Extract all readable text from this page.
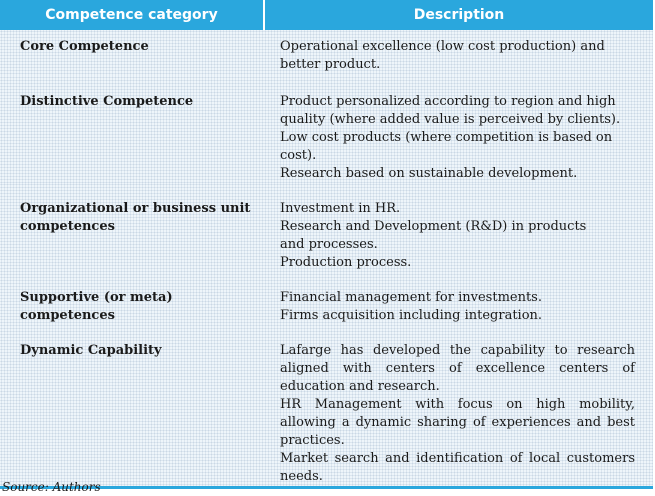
Competence category	Description
Core Competence	Operational excellence (low cost production) and better product.

Distinctive Competence	Product personalized according to region and high quality (where added value is perceived by clients).
Low cost products (where competition is based on cost).
Research based on sustainable development.

Organizational or business unit competences	Investment in HR.
Research and Development (R&D) in products
and processes.
Production process.

Supportive (or meta) competences	Financial management for investments.
Firms acquisition including integration.

Dynamic Capability	Lafarge has developed the capability to research aligned with centers of excellence centers of education and research.
HR Management with focus on high mobility, allowing a dynamic sharing of experiences and best practices.
Market search and identification of local customers needs.
Source: Authors
